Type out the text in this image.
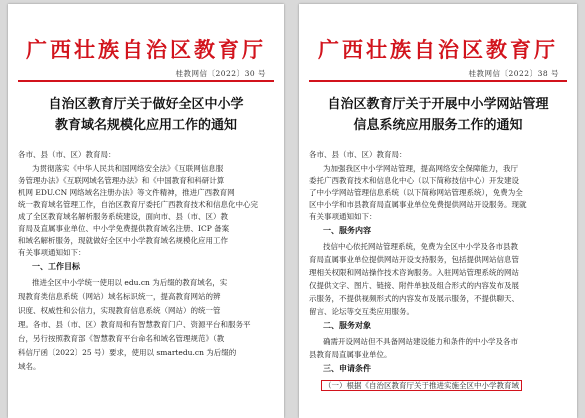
广西壮族自治区教育厅
桂教网信〔2022〕30 号
自治区教育厅关于做好全区中小学
教育域名规模化应用工作的通知
各市、县（市、区）教育局：
为贯彻落实《中华人民共和国网络安全法》《互联网信息服
务管理办法》《互联网域名管理办法》和《中国教育和科研计算
机网 EDU.CN 网络域名注册办法》等文件精神，推进广西教育网
统一教育域名管理工作，自治区教育厅委托广西教育技术和信息化中心完
成了全区教育域名解析服务系统建设，面向市、县（市、区）教
育局及直属事业单位、中小学免费提供教育域名注册、ICP 备案
和域名解析服务，现就做好全区中小学教育域名规模化应用工作
有关事项通知如下：
一、工作目标
推进全区中小学统一使用以 edu.cn 为后缀的教育域名，实
现教育类信息系统（网站）域名标识统一，提高教育网站的辨
识度、权威性和公信力，实现教育信息系统（网站）的统一管
理。各市、县（市、区）教育局和有智慧教育门户、资源平台和服务平
台，另行按照教育部《智慧教育平台命名和域名管理规范》（教
科信厅函〔2022〕25 号）要求，使用以 smartedu.cn 为后缀的
域名。
广西壮族自治区教育厅
桂教网信〔2022〕38 号
自治区教育厅关于开展中小学网站管理
信息系统应用服务工作的通知
各市、县（市、区）教育局：
为加强我区中小学网站管理，提高网络安全保障能力，我厅
委托广西教育技术和信息化中心（以下简称技信中心）开发建设
了中小学网站管理信息系统（以下简称网站管理系统），免费为全
区中小学和市县教育局直属事业单位免费提供网站开设服务。现就
有关事项通知如下：
一、服务内容
技信中心依托网站管理系统，免费为全区中小学及各市县教
育局直属事业单位提供网站开设支持服务，包括提供网站信息管
理相关权限和网站操作技术咨询服务。入驻网站管理系统的网站
仅提供文字、图片、链接、附件单独及组合形式的内容发布及展
示服务，不提供视频形式的内容发布及展示服务，不提供聊天、
留言、论坛等交互类应用服务。
二、服务对象
确需开设网站但不具备网站建设能力和条件的中小学及各市
县教育局直属事业单位。
三、申请条件
（一）根据《自治区教育厅关于推进实施全区中小学教育域
